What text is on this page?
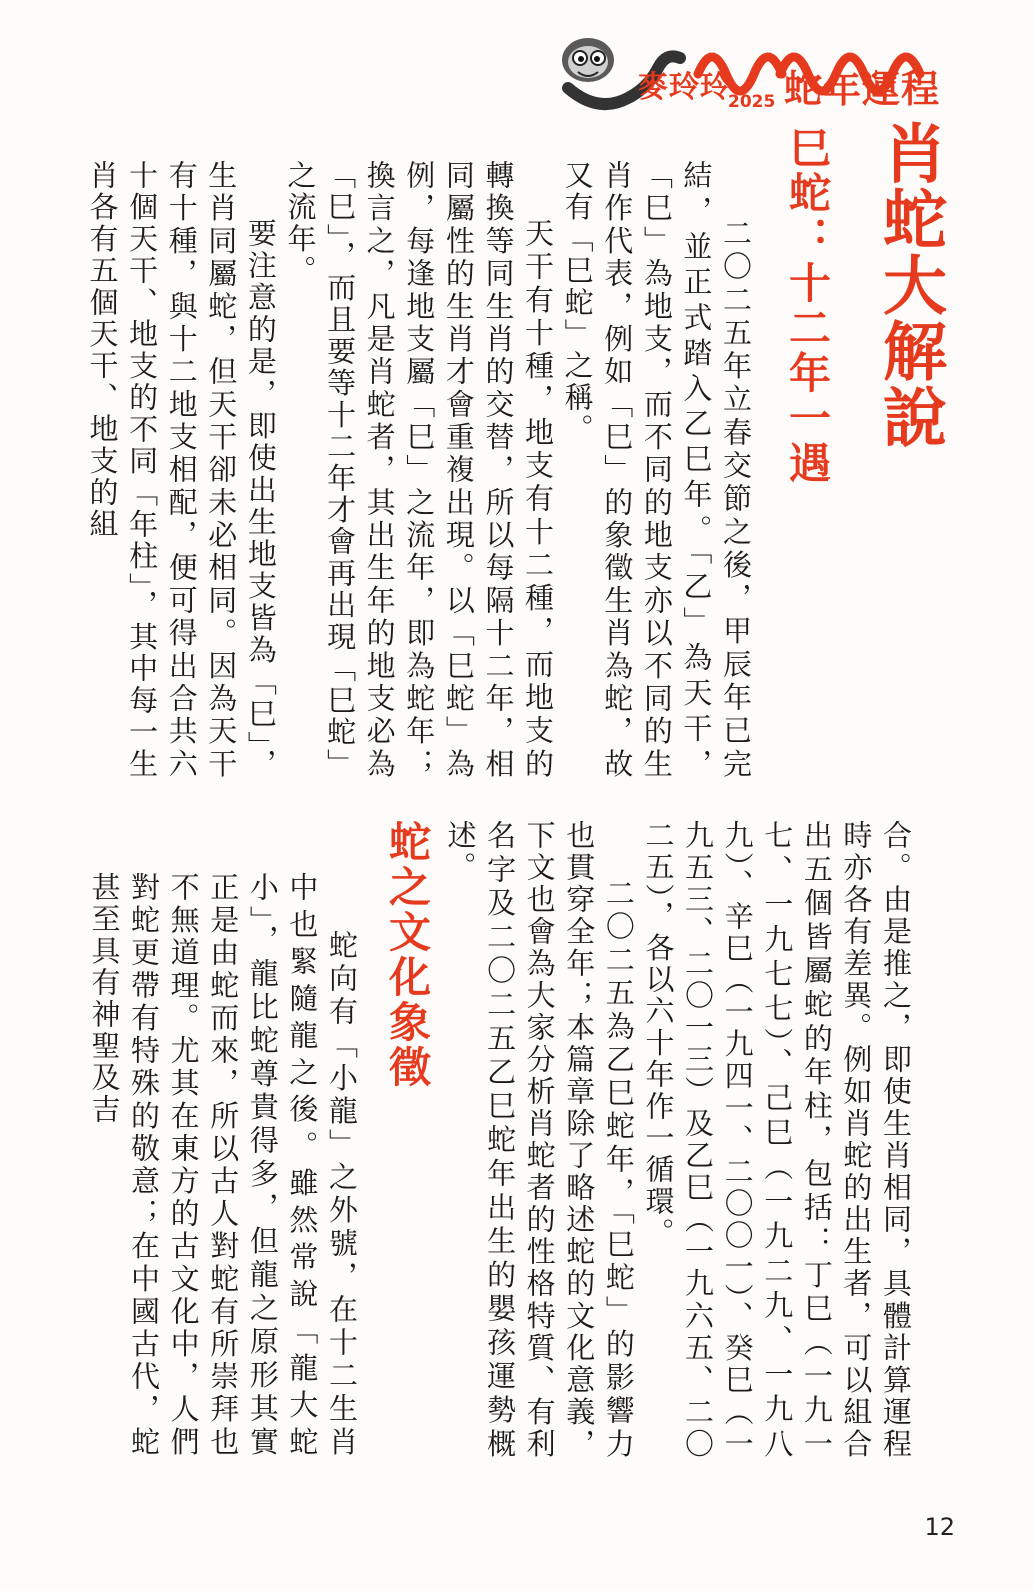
麥玲玲
2025 蛇年運程
肖蛇大解說
巳蛇：十二年一遇

二〇二五年立春交節之後，甲辰年已完結，並正式踏入乙巳年。「乙」為天干，「巳」為地支，而不同的地支亦以不同的生肖作代表，例如「巳」的象徵生肖為蛇，故又有「巳蛇」之稱。

天干有十種，地支有十二種，而地支的轉換等同生肖的交替，所以每隔十二年，相同屬性的生肖才會重複出現。以「巳蛇」為例，每逢地支屬「巳」之流年，即為蛇年；換言之，凡是肖蛇者，其出生年的地支必為「巳」，而且要等十二年才會再出現「巳蛇」之流年。

要注意的是，即使出生地支皆為「巳」，生肖同屬蛇，但天干卻未必相同。因為天干有十種，與十二地支相配，便可得出合共六十個天干、地支的不同「年柱」，其中每一生肖各有五個天干、地支的組

合。由是推之，即使生肖相同，具體計算運程時亦各有差異。例如肖蛇的出生者，可以組合出五個皆屬蛇的年柱，包括：丁巳（一九一七、一九七七）、己巳（一九二九、一九八九）、辛巳（一九四一、二〇〇一）、癸巳（一九五三、二〇一三）及乙巳（一九六五、二〇二五），各以六十年作一循環。

二〇二五為乙巳蛇年，「巳蛇」的影響力也貫穿全年；本篇章除了略述蛇的文化意義，下文也會為大家分析肖蛇者的性格特質、有利名字及二〇二五乙巳蛇年出生的嬰孩運勢概述。

蛇之文化象徵

蛇向有「小龍」之外號，在十二生肖中也緊隨龍之後。雖然常說「龍大蛇小」，龍比蛇尊貴得多，但龍之原形其實正是由蛇而來，所以古人對蛇有所崇拜也不無道理。尤其在東方的古文化中，人們對蛇更帶有特殊的敬意；在中國古代，蛇甚至具有神聖及吉

12
